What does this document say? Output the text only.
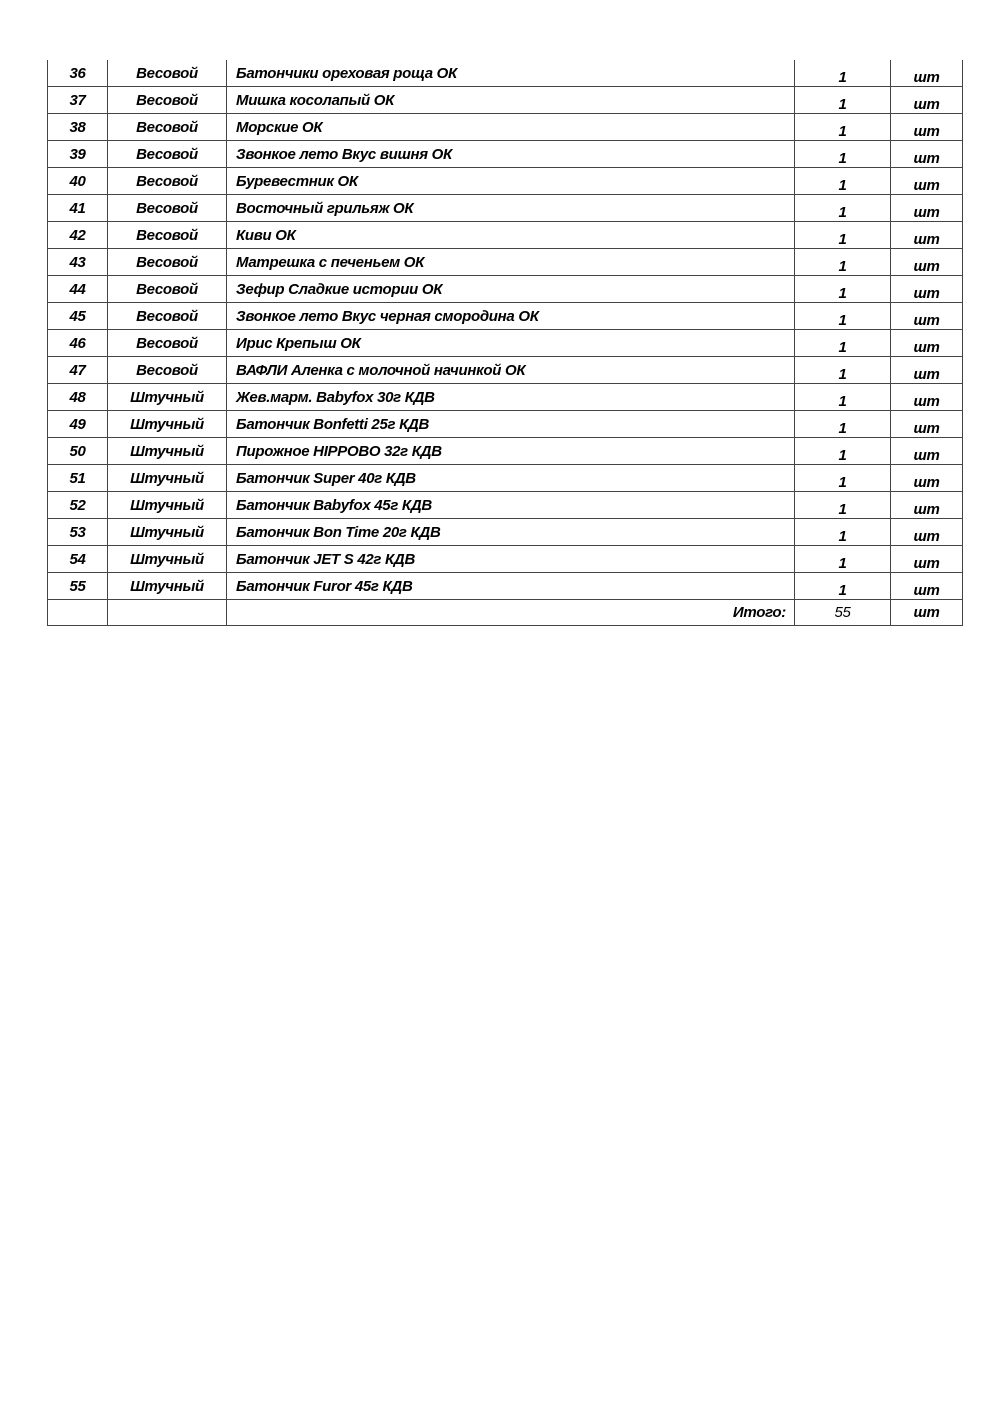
36	Весовой	Батончики ореховая роща ОК	1	шт
37	Весовой	Мишка косолапый ОК	1	шт
38	Весовой	Морские ОК	1	шт
39	Весовой	Звонкое лето Вкус вишня ОК	1	шт
40	Весовой	Буревестник ОК	1	шт
41	Весовой	Восточный грильяж ОК	1	шт
42	Весовой	Киви ОК	1	шт
43	Весовой	Матрешка с печеньем ОК	1	шт
44	Весовой	Зефир Сладкие истории ОК	1	шт
45	Весовой	Звонкое лето Вкус черная смородина ОК	1	шт
46	Весовой	Ирис Крепыш ОК	1	шт
47	Весовой	ВАФЛИ Аленка с молочной начинкой ОК	1	шт
48	Штучный	Жев.марм. Babyfox 30г КДВ	1	шт
49	Штучный	Батончик Bonfetti 25г КДВ	1	шт
50	Штучный	Пирожное HIPPOBO 32г КДВ	1	шт
51	Штучный	Батончик Super 40г КДВ	1	шт
52	Штучный	Батончик Babyfox 45г КДВ	1	шт
53	Штучный	Батончик Bon Time 20г КДВ	1	шт
54	Штучный	Батончик JET S 42г КДВ	1	шт
55	Штучный	Батончик Furor 45г КДВ	1	шт
		Итого:	55	шт
